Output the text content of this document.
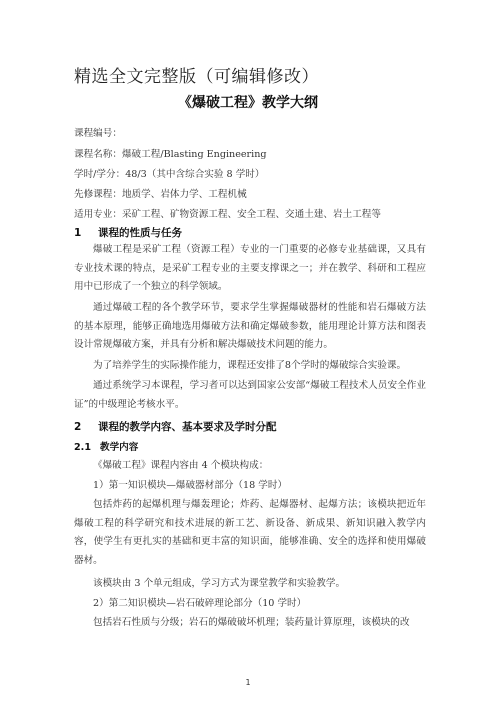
精选全文完整版（可编辑修改）
《爆破工程》教学大纲
课程编号：
课程名称：爆破工程/Blasting Engineering
学时/学分：48/3（其中含综合实验 8 学时）
先修课程：地质学、岩体力学、工程机械
适用专业：采矿工程、矿物资源工程、安全工程、交通土建、岩土工程等
1 课程的性质与任务
爆破工程是采矿工程（资源工程）专业的一门重要的必修专业基础课，又具有专业技术课的特点，是采矿工程专业的主要支撑课之一；并在教学、科研和工程应用中已形成了一个独立的科学领域。
通过爆破工程的各个教学环节，要求学生掌握爆破器材的性能和岩石爆破方法的基本原理，能够正确地选用爆破方法和确定爆破参数，能用理论计算方法和图表设计常规爆破方案，并具有分析和解决爆破技术问题的能力。
为了培养学生的实际操作能力，课程还安排了8个学时的爆破综合实验课。
通过系统学习本课程，学习者可以达到国家公安部“爆破工程技术人员安全作业证”的中级理论考核水平。
2 课程的教学内容、基本要求及学时分配
2.1 教学内容
《爆破工程》课程内容由 4 个模块构成：
1）第一知识模块—爆破器材部分（18 学时）
包括炸药的起爆机理与爆轰理论；炸药、起爆器材、起爆方法；该模块把近年爆破工程的科学研究和技术进展的新工艺、新设备、新成果、新知识融入教学内容，使学生有更扎实的基础和更丰富的知识面，能够准确、安全的选择和使用爆破器材。
该模块由 3 个单元组成，学习方式为课堂教学和实验教学。
2）第二知识模块—岩石破碎理论部分（10 学时）
包括岩石性质与分级；岩石的爆破破坏机理；装药量计算原理，该模块的改
1
